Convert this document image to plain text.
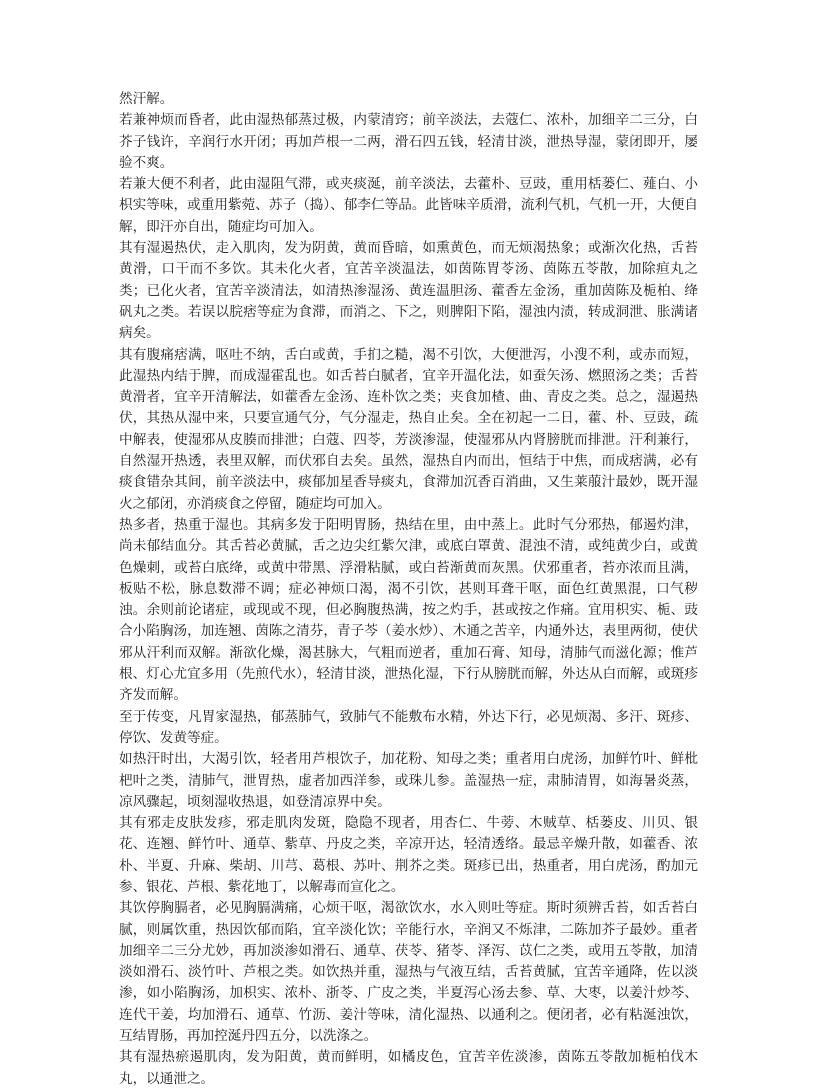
然汗解。

若兼神烦而昏者，此由湿热郁蒸过极，内蒙清窍；前辛淡法，去蔻仁、浓朴，加细辛二三分，白芥子钱许，辛润行水开闭；再加芦根一二两，滑石四五钱，轻清甘淡，泄热导湿，蒙闭即开，屡验不爽。

若兼大便不利者，此由湿阻气滞，或夹痰涎，前辛淡法，去藿朴、豆豉，重用栝蒌仁、薤白、小枳实等味，或重用紫菀、苏子（捣）、郁李仁等品。此皆味辛质滑，流利气机，气机一开，大便自解，即汗亦自出，随症均可加入。

其有湿遏热伏，走入肌肉，发为阴黄，黄而昏暗，如熏黄色，而无烦渴热象；或渐次化热，舌苔黄滑，口干而不多饮。其未化火者，宜苦辛淡温法，如茵陈胃苓汤、茵陈五苓散，加除疸丸之类；已化火者，宜苦辛淡清法，如清热渗湿汤、黄连温胆汤、藿香左金汤，重加茵陈及栀柏、绛矾丸之类。若误以脘痞等症为食滞，而消之、下之，则脾阳下陷，湿浊内渍，转成洞泄、胀满诸病矣。

其有腹痛痞满，呕吐不纳，舌白或黄，手扪之糙，渴不引饮，大便泄泻，小溲不利，或赤而短，此湿热内结于脾，而成湿霍乱也。如舌苔白腻者，宜辛开温化法，如蚕矢汤、燃照汤之类；舌苔黄滑者，宜辛开清解法，如藿香左金汤、连朴饮之类；夹食加楂、曲、青皮之类。总之，湿遏热伏，其热从湿中来，只要宣通气分，气分湿走，热自止矣。全在初起一二日，藿、朴、豆豉，疏中解表，使湿邪从皮腠而排泄；白蔻、四苓，芳淡渗湿，使湿邪从内肾膀胱而排泄。汗利兼行，自然湿开热透，表里双解，而伏邪自去矣。虽然，湿热自内而出，恒结于中焦，而成痞满，必有痰食错杂其间，前辛淡法中，痰郁加星香导痰丸，食滞加沉香百消曲，又生莱菔汁最妙，既开湿火之郁闭，亦消痰食之停留，随症均可加入。

热多者，热重于湿也。其病多发于阳明胃肠，热结在里，由中蒸上。此时气分邪热，郁遏灼津，尚未郁结血分。其舌苔必黄腻，舌之边尖红紫欠津，或底白罩黄、混浊不清，或纯黄少白，或黄色燥刺，或苔白底绛，或黄中带黑、浮滑粘腻，或白苔渐黄而灰黑。伏邪重者，苔亦浓而且满，板贴不松，脉息数滞不调；症必神烦口渴，渴不引饮，甚则耳聋干呕，面色红黄黑混，口气秽浊。余则前论诸症，或现或不现，但必胸腹热满，按之灼手，甚或按之作痛。宜用枳实、栀、豉合小陷胸汤，加连翘、茵陈之清芬，青子芩（姜水炒）、木通之苦辛，内通外达，表里两彻，使伏邪从汗利而双解。渐欲化燥，渴甚脉大，气粗而逆者，重加石膏、知母，清肺气而滋化源；惟芦根、灯心尤宜多用（先煎代水），轻清甘淡，泄热化湿，下行从膀胱而解，外达从白而解，或斑疹齐发而解。

至于传变，凡胃家湿热，郁蒸肺气，致肺气不能敷布水精，外达下行，必见烦渴、多汗、斑疹、停饮、发黄等症。

如热汗时出，大渴引饮，轻者用芦根饮子，加花粉、知母之类；重者用白虎汤，加鲜竹叶、鲜枇杷叶之类，清肺气，泄胃热，虚者加西洋参，或珠儿参。盖湿热一症，肃肺清胃，如海暑炎蒸，凉风骤起，顷刻湿收热退，如登清凉界中矣。

其有邪走皮肤发疹，邪走肌肉发斑，隐隐不现者，用杏仁、牛蒡、木贼草、栝蒌皮、川贝、银花、连翘、鲜竹叶、通草、紫草、丹皮之类，辛凉开达，轻清透络。最忌辛燥升散，如藿香、浓朴、半夏、升麻、柴胡、川芎、葛根、苏叶、荆芥之类。斑疹已出，热重者，用白虎汤，酌加元参、银花、芦根、紫花地丁，以解毒而宣化之。

其饮停胸膈者，必见胸膈满痛，心烦干呕，渴欲饮水，水入则吐等症。斯时须辨舌苔，如舌苔白腻，则属饮重，热因饮郁而陷，宜辛淡化饮；辛能行水，辛润又不烁津，二陈加芥子最妙。重者加细辛二三分尤妙，再加淡渗如滑石、通草、茯苓、猪苓、泽泻、苡仁之类，或用五苓散，加清淡如滑石、淡竹叶、芦根之类。如饮热并重，湿热与气液互结，舌苔黄腻，宜苦辛通降，佐以淡渗，如小陷胸汤，加枳实、浓朴、浙苓、广皮之类，半夏泻心汤去参、草、大枣，以姜汁炒芩、连代干姜，均加滑石、通草、竹沥、姜汁等味，清化湿热、以通利之。便闭者，必有粘涎浊饮，互结胃肠，再加控涎丹四五分，以洗涤之。

其有湿热瘀遏肌肉，发为阳黄，黄而鲜明，如橘皮色，宜苦辛佐淡渗，茵陈五苓散加栀柏伐木丸，以通泄之。
